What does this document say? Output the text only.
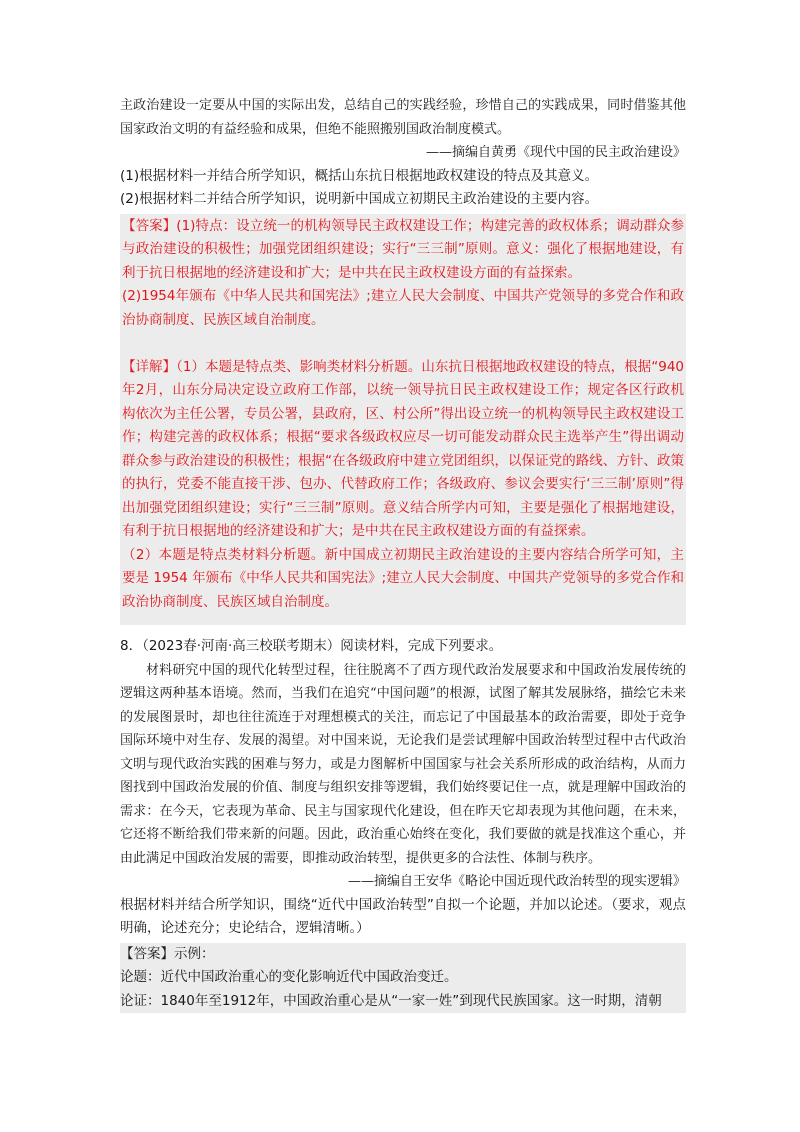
主政治建设一定要从中国的实际出发，总结自己的实践经验，珍惜自己的实践成果，同时借鉴其他国家政治文明的有益经验和成果，但绝不能照搬别国政治制度模式。

——摘编自黄勇《现代中国的民主政治建设》

(1)根据材料一并结合所学知识，概括山东抗日根据地政权建设的特点及其意义。

(2)根据材料二并结合所学知识，说明新中国成立初期民主政治建设的主要内容。

【答案】(1)特点：设立统一的机构领导民主政权建设工作；构建完善的政权体系；调动群众参与政治建设的积极性；加强党团组织建设；实行“三三制”原则。意义：强化了根据地建设，有利于抗日根据地的经济建设和扩大；是中共在民主政权建设方面的有益探索。

(2)1954年颁布《中华人民共和国宪法》;建立人民大会制度、中国共产党领导的多党合作和政治协商制度、民族区域自治制度。

【详解】（1）本题是特点类、影响类材料分析题。山东抗日根据地政权建设的特点，根据“940年2月，山东分局决定设立政府工作部，以统一领导抗日民主政权建设工作；规定各区行政机构依次为主任公署，专员公署，县政府，区、村公所”得出设立统一的机构领导民主政权建设工作；构建完善的政权体系；根据“要求各级政权应尽一切可能发动群众民主选举产生”得出调动群众参与政治建设的积极性；根据“在各级政府中建立党团组织，以保证党的路线、方针、政策的执行，党委不能直接干涉、包办、代替政府工作；各级政府、参议会要实行‘三三制’原则”得出加强党团组织建设；实行“三三制”原则。意义结合所学内可知，主要是强化了根据地建设，有利于抗日根据地的经济建设和扩大；是中共在民主政权建设方面的有益探索。

（2）本题是特点类材料分析题。新中国成立初期民主政治建设的主要内容结合所学可知，主要是 1954 年颁布《中华人民共和国宪法》;建立人民大会制度、中国共产党领导的多党合作和政治协商制度、民族区域自治制度。

8．（2023春·河南·高三校联考期末）阅读材料，完成下列要求。

材料研究中国的现代化转型过程，往往脱离不了西方现代政治发展要求和中国政治发展传统的逻辑这两种基本语境。然而，当我们在追究“中国问题”的根源，试图了解其发展脉络，描绘它未来的发展图景时，却也往往流连于对理想模式的关注，而忘记了中国最基本的政治需要，即处于竞争国际环境中对生存、发展的渴望。对中国来说，无论我们是尝试理解中国政治转型过程中古代政治文明与现代政治实践的困难与努力，或是力图解析中国国家与社会关系所形成的政治结构，从而力图找到中国政治发展的价值、制度与组织安排等逻辑，我们始终要记住一点，就是理解中国政治的需求：在今天，它表现为革命、民主与国家现代化建设，但在昨天它却表现为其他问题，在未来，它还将不断给我们带来新的问题。因此，政治重心始终在变化，我们要做的就是找准这个重心，并由此满足中国政治发展的需要，即推动政治转型，提供更多的合法性、体制与秩序。

——摘编自王安华《略论中国近现代政治转型的现实逻辑》

根据材料并结合所学知识，围绕“近代中国政治转型”自拟一个论题，并加以论述。（要求，观点明确，论述充分；史论结合，逻辑清晰。）

【答案】示例：

论题：近代中国政治重心的变化影响近代中国政治变迁。

论证：1840年至1912年，中国政治重心是从“一家一姓”到现代民族国家。这一时期，清朝
